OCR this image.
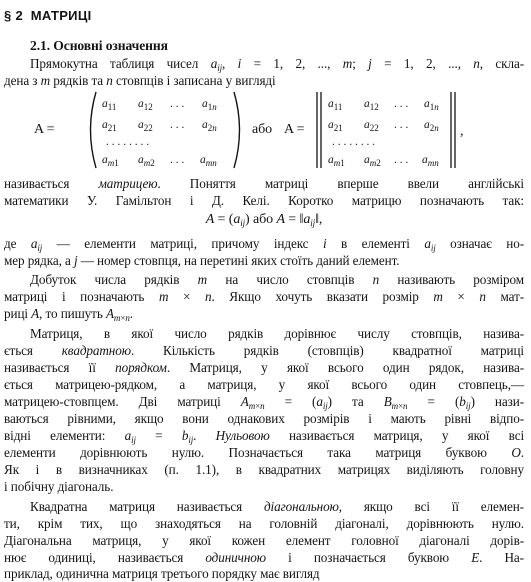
§ 2  МАТРИЦІ
2.1. Основні означення
Прямокутна таблиця чисел $a_{ij}$, i = 1, 2, ..., m; j = 1, 2, ..., n, скла-
дена з m рядків та n стовпців і записана у вигляді
A =
$a_{11}$ $a_{12}$ . . . $a_{1n}$
$a_{21}$ $a_{22}$ . . . $a_{2n}$
. . . . . . . .
$a_{m1}$ $a_{m2}$ . . . $a_{mn}$
або A =
$a_{11}$ $a_{12}$ . . . $a_{1n}$
$a_{21}$ $a_{22}$ . . . $a_{2n}$
. . . . . . . .
$a_{m1}$ $a_{m2}$ . . . $a_{mn}$
,
називається матрицею. Поняття матриці вперше ввели англійські
математики У. Гамільтон і Д. Келі. Коротко матрицю позначають так:
$A = (a_{ij})$ або $A = ‖a_{ij}‖$,
де $a_{ij}$ — елементи матриці, причому індекс i в елементі $a_{ij}$ означає но-
мер рядка, а j — номер стовпця, на перетині яких стоїть даний елемент.
Добуток числа рядків m на число стовпців n називають розміром
матриці і позначають m × n. Якщо хочуть вказати розмір m × n мат-
риці A, то пишуть $A_{m\times n}$.
Матриця, в якої число рядків дорівнює числу стовпців, назива-
ється квадратною. Кількість рядків (стовпців) квадратної матриці
називається її порядком. Матриця, у якої всього один рядок, назива-
ється матрицею-рядком, а матриця, у якої всього один стовпець,—
матрицею-стовпцем. Дві матриці $A_{m\times n} = (a_{ij})$ та $B_{m\times n} = (b_{ij})$ нази-
ваються рівними, якщо вони однакових розмірів і мають рівні відпо-
відні елементи: $a_{ij} = b_{ij}$. Нульовою називається матриця, у якої всі
елементи дорівнюють нулю. Позначається така матриця буквою O.
Як і в визначниках (п. 1.1), в квадратних матрицях виділяють головну
і побічну діагональ.
Квадратна матриця називається діагональною, якщо всі її елемен-
ти, крім тих, що знаходяться на головній діагоналі, дорівнюють нулю.
Діагональна матриця, у якої кожен елемент головної діагоналі дорів-
нює одиниці, називається одиничною і позначається буквою E. На-
приклад, одинична матриця третього порядку має вигляд
